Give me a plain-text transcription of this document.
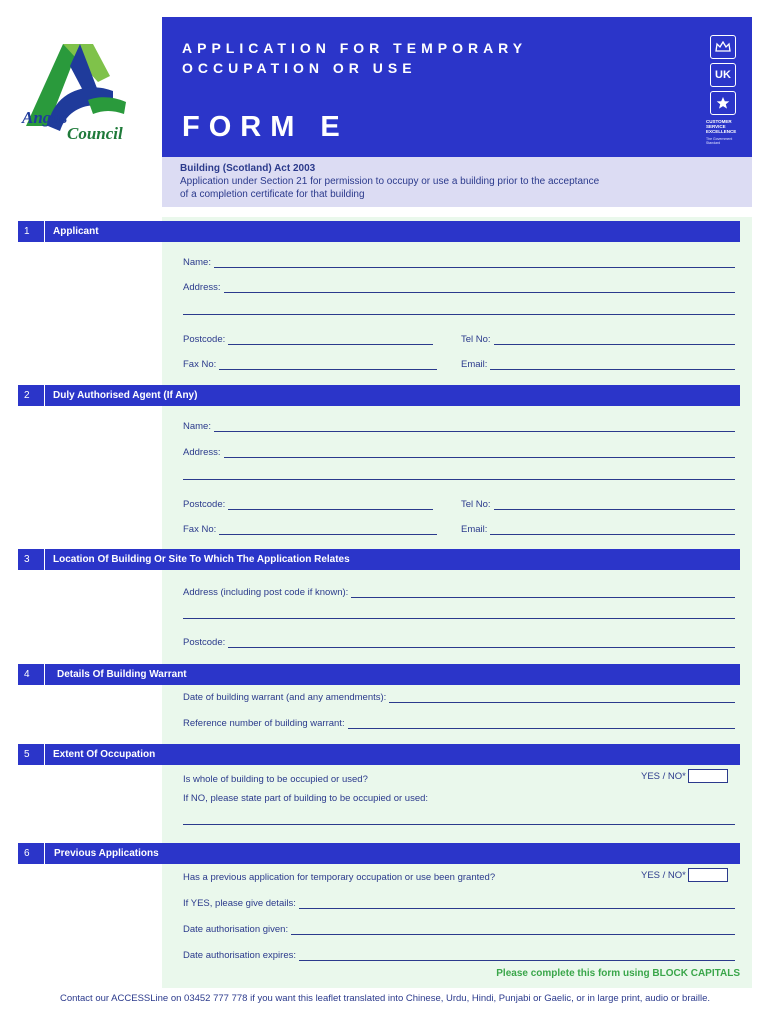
Angus
Council
APPLICATION FOR TEMPORARY
OCCUPATION OR USE
FORM E
UK
CUSTOMER SERVICE EXCELLENCE
The Government Standard
Building (Scotland) Act 2003
Application under Section 21 for permission to occupy or use a building prior to the acceptance
of a completion certificate for that building
1	Applicant
Name:
Address:
Postcode:	Tel No:
Fax No:	Email:
2	Duly Authorised Agent (If Any)
Name:
Address:
Postcode:	Tel No:
Fax No:	Email:
3	Location Of Building Or Site To Which The Application Relates
Address (including post code if known):
Postcode:
4	Details Of Building Warrant
Date of building warrant (and any amendments):
Reference number of building warrant:
5	Extent Of Occupation
Is whole of building to be occupied or used?	YES / NO*
If NO, please state part of building to be occupied or used:
6	Previous Applications
Has a previous application for temporary occupation or use been granted?	YES / NO*
If YES, please give details:
Date authorisation given:
Date authorisation expires:
Please complete this form using BLOCK CAPITALS
Contact our ACCESSLine on 03452 777 778 if you want this leaflet translated into Chinese, Urdu, Hindi, Punjabi or Gaelic, or in large print, audio or braille.
